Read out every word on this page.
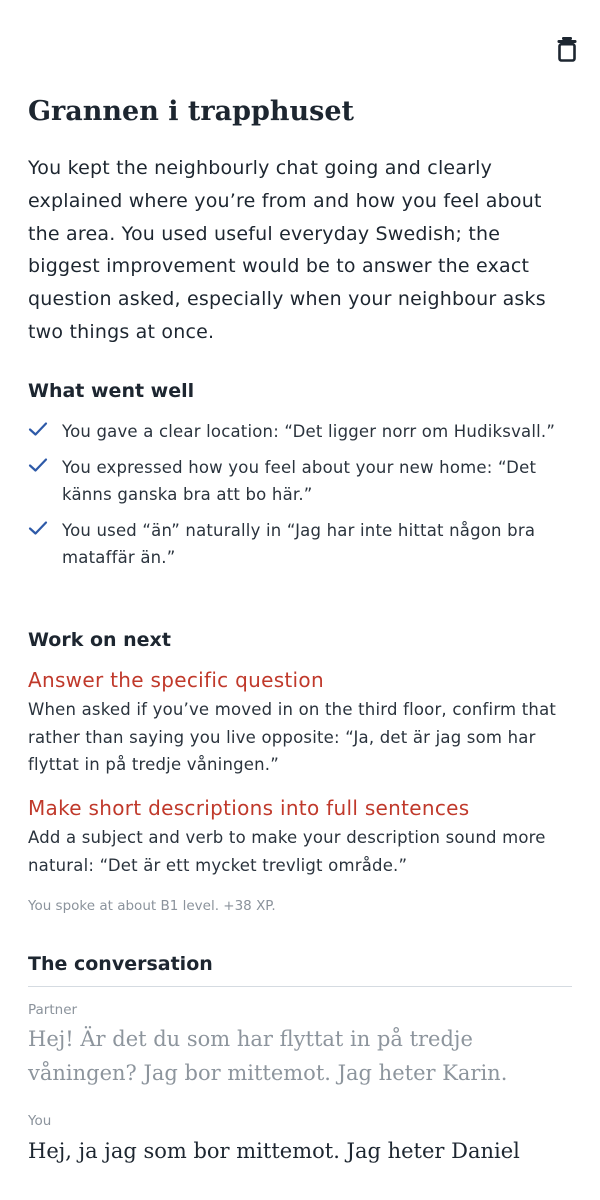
Grannen i trapphuset

You kept the neighbourly chat going and clearly explained where you’re from and how you feel about the area. You used useful everyday Swedish; the biggest improvement would be to answer the exact question asked, especially when your neighbour asks two things at once.

What went well
You gave a clear location: “Det ligger norr om Hudiksvall.”
You expressed how you feel about your new home: “Det känns ganska bra att bo här.”
You used “än” naturally in “Jag har inte hittat någon bra mataffär än.”
Work on next
Answer the specific question
When asked if you’ve moved in on the third floor, confirm that rather than saying you live opposite: “Ja, det är jag som har flyttat in på tredje våningen.”
Make short descriptions into full sentences
Add a subject and verb to make your description sound more natural: “Det är ett mycket trevligt område.”
You spoke at about B1 level. +38 XP.
The conversation
Partner
Hej! Är det du som har flyttat in på tredje våningen? Jag bor mittemot. Jag heter Karin.
You
Hej, ja jag som bor mittemot. Jag heter Daniel
